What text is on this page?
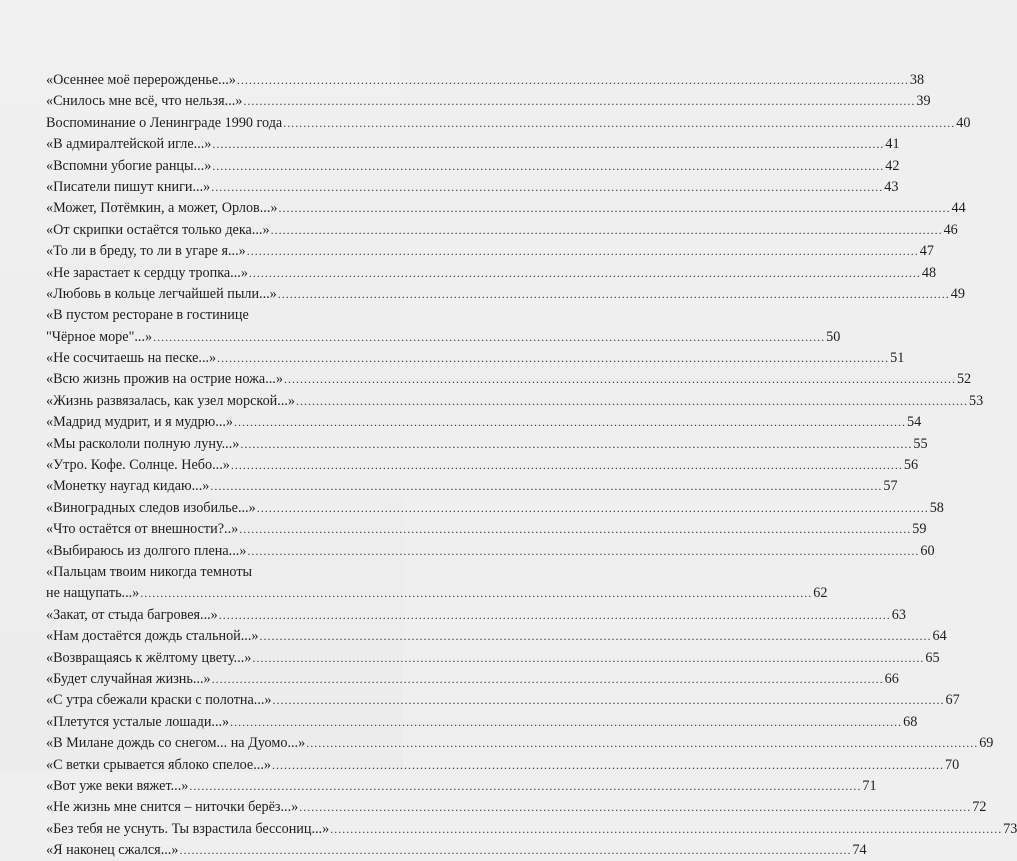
«Осеннее моё перерожденье...» .....	38
«Снилось мне всё, что нельзя...» .....	39
Воспоминание о Ленинграде 1990 года .....	40
«В адмиралтейской игле...» .....	41
«Вспомни убогие ранцы...» .....	42
«Писатели пишут книги...» .....	43
«Может, Потёмкин, а может, Орлов...» .....	44
«От скрипки остаётся только дека...» .....	46
«То ли в бреду, то ли в угаре я...» .....	47
«Не зарастает к сердцу тропка...» .....	48
«Любовь в кольце легчайшей пыли...» .....	49
«В пустом ресторане в гостинице
"Чёрное море"...» .....	50
«Не сосчитаешь на песке...» .....	51
«Всю жизнь прожив на острие ножа...» .....	52
«Жизнь развязалась, как узел морской...» .....	53
«Мадрид мудрит, и я мудрю...» .....	54
«Мы раскололи полную луну...» .....	55
«Утро. Кофе. Солнце. Небо...» .....	56
«Монетку наугад кидаю...» .....	57
«Виноградных следов изобилье...» .....	58
«Что остаётся от внешности?..» .....	59
«Выбираюсь из долгого плена...» .....	60
«Пальцам твоим никогда темноты
не нащупать...» .....	62
«Закат, от стыда багровея...» .....	63
«Нам достаётся дождь стальной...» .....	64
«Возвращаясь к жёлтому цвету...» .....	65
«Будет случайная жизнь...» .....	66
«С утра сбежали краски с полотна...» .....	67
«Плетутся усталые лошади...» .....	68
«В Милане дождь со снегом... на Дуомо...» .....	69
«С ветки срывается яблоко спелое...» .....	70
«Вот уже веки вяжет...» .....	71
«Не жизнь мне снится – ниточки берёз...» .....	72
«Без тебя не уснуть. Ты взрастила бессониц...» .....	73
«Я наконец сжался...» .....	74
